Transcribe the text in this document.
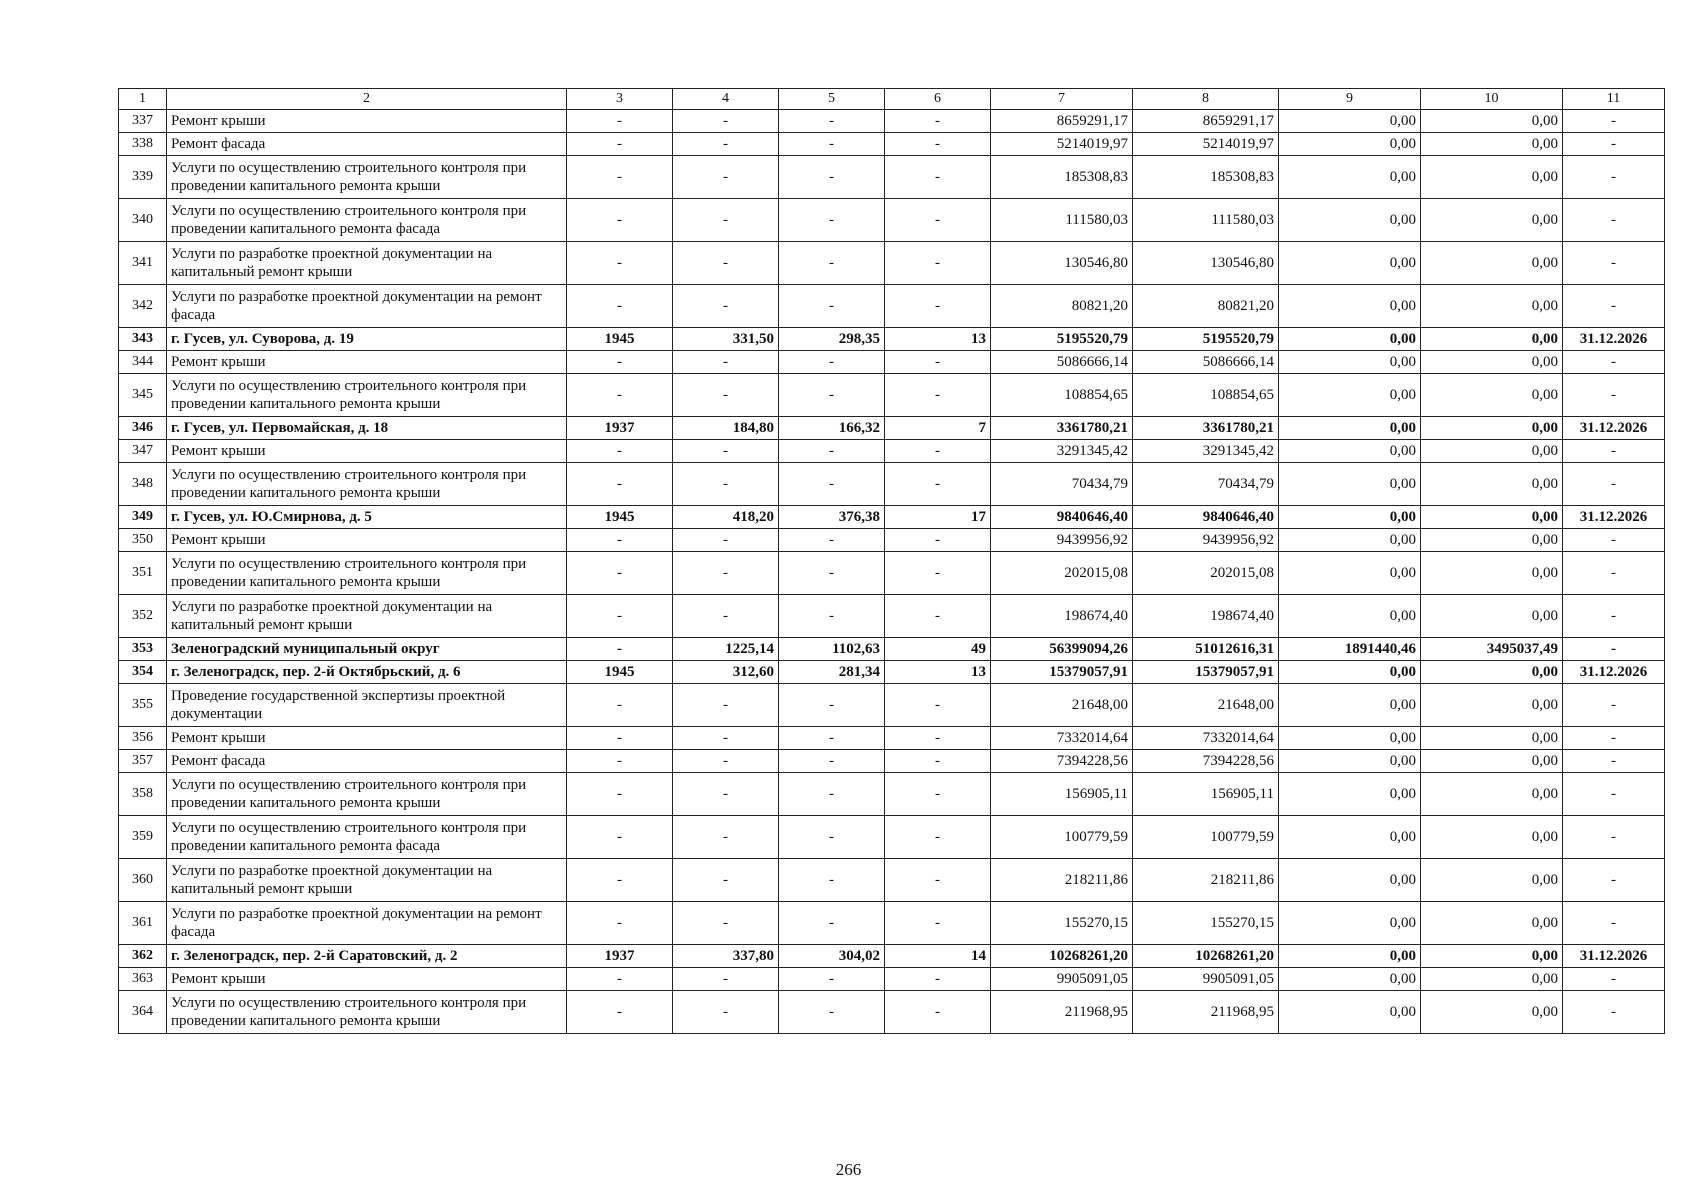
1	2	3	4	5	6	7	8	9	10	11
337	Ремонт крыши	-	-	-	-	8659291,17	8659291,17	0,00	0,00	-
338	Ремонт фасада	-	-	-	-	5214019,97	5214019,97	0,00	0,00	-
339	Услуги по осуществлению строительного контроля при проведении капитального ремонта крыши	-	-	-	-	185308,83	185308,83	0,00	0,00	-
340	Услуги по осуществлению строительного контроля при проведении капитального ремонта фасада	-	-	-	-	111580,03	111580,03	0,00	0,00	-
341	Услуги по разработке проектной документации на капитальный ремонт крыши	-	-	-	-	130546,80	130546,80	0,00	0,00	-
342	Услуги по разработке проектной документации на ремонт фасада	-	-	-	-	80821,20	80821,20	0,00	0,00	-
343	г. Гусев, ул. Суворова, д. 19	1945	331,50	298,35	13	5195520,79	5195520,79	0,00	0,00	31.12.2026
344	Ремонт крыши	-	-	-	-	5086666,14	5086666,14	0,00	0,00	-
345	Услуги по осуществлению строительного контроля при проведении капитального ремонта крыши	-	-	-	-	108854,65	108854,65	0,00	0,00	-
346	г. Гусев, ул. Первомайская, д. 18	1937	184,80	166,32	7	3361780,21	3361780,21	0,00	0,00	31.12.2026
347	Ремонт крыши	-	-	-	-	3291345,42	3291345,42	0,00	0,00	-
348	Услуги по осуществлению строительного контроля при проведении капитального ремонта крыши	-	-	-	-	70434,79	70434,79	0,00	0,00	-
349	г. Гусев, ул. Ю.Смирнова, д. 5	1945	418,20	376,38	17	9840646,40	9840646,40	0,00	0,00	31.12.2026
350	Ремонт крыши	-	-	-	-	9439956,92	9439956,92	0,00	0,00	-
351	Услуги по осуществлению строительного контроля при проведении капитального ремонта крыши	-	-	-	-	202015,08	202015,08	0,00	0,00	-
352	Услуги по разработке проектной документации на капитальный ремонт крыши	-	-	-	-	198674,40	198674,40	0,00	0,00	-
353	Зеленоградский муниципальный округ	-	1225,14	1102,63	49	56399094,26	51012616,31	1891440,46	3495037,49	-
354	г. Зеленоградск, пер. 2-й Октябрьский, д. 6	1945	312,60	281,34	13	15379057,91	15379057,91	0,00	0,00	31.12.2026
355	Проведение государственной экспертизы проектной документации	-	-	-	-	21648,00	21648,00	0,00	0,00	-
356	Ремонт крыши	-	-	-	-	7332014,64	7332014,64	0,00	0,00	-
357	Ремонт фасада	-	-	-	-	7394228,56	7394228,56	0,00	0,00	-
358	Услуги по осуществлению строительного контроля при проведении капитального ремонта крыши	-	-	-	-	156905,11	156905,11	0,00	0,00	-
359	Услуги по осуществлению строительного контроля при проведении капитального ремонта фасада	-	-	-	-	100779,59	100779,59	0,00	0,00	-
360	Услуги по разработке проектной документации на капитальный ремонт крыши	-	-	-	-	218211,86	218211,86	0,00	0,00	-
361	Услуги по разработке проектной документации на ремонт фасада	-	-	-	-	155270,15	155270,15	0,00	0,00	-
362	г. Зеленоградск, пер. 2-й Саратовский, д. 2	1937	337,80	304,02	14	10268261,20	10268261,20	0,00	0,00	31.12.2026
363	Ремонт крыши	-	-	-	-	9905091,05	9905091,05	0,00	0,00	-
364	Услуги по осуществлению строительного контроля при проведении капитального ремонта крыши	-	-	-	-	211968,95	211968,95	0,00	0,00	-
266
